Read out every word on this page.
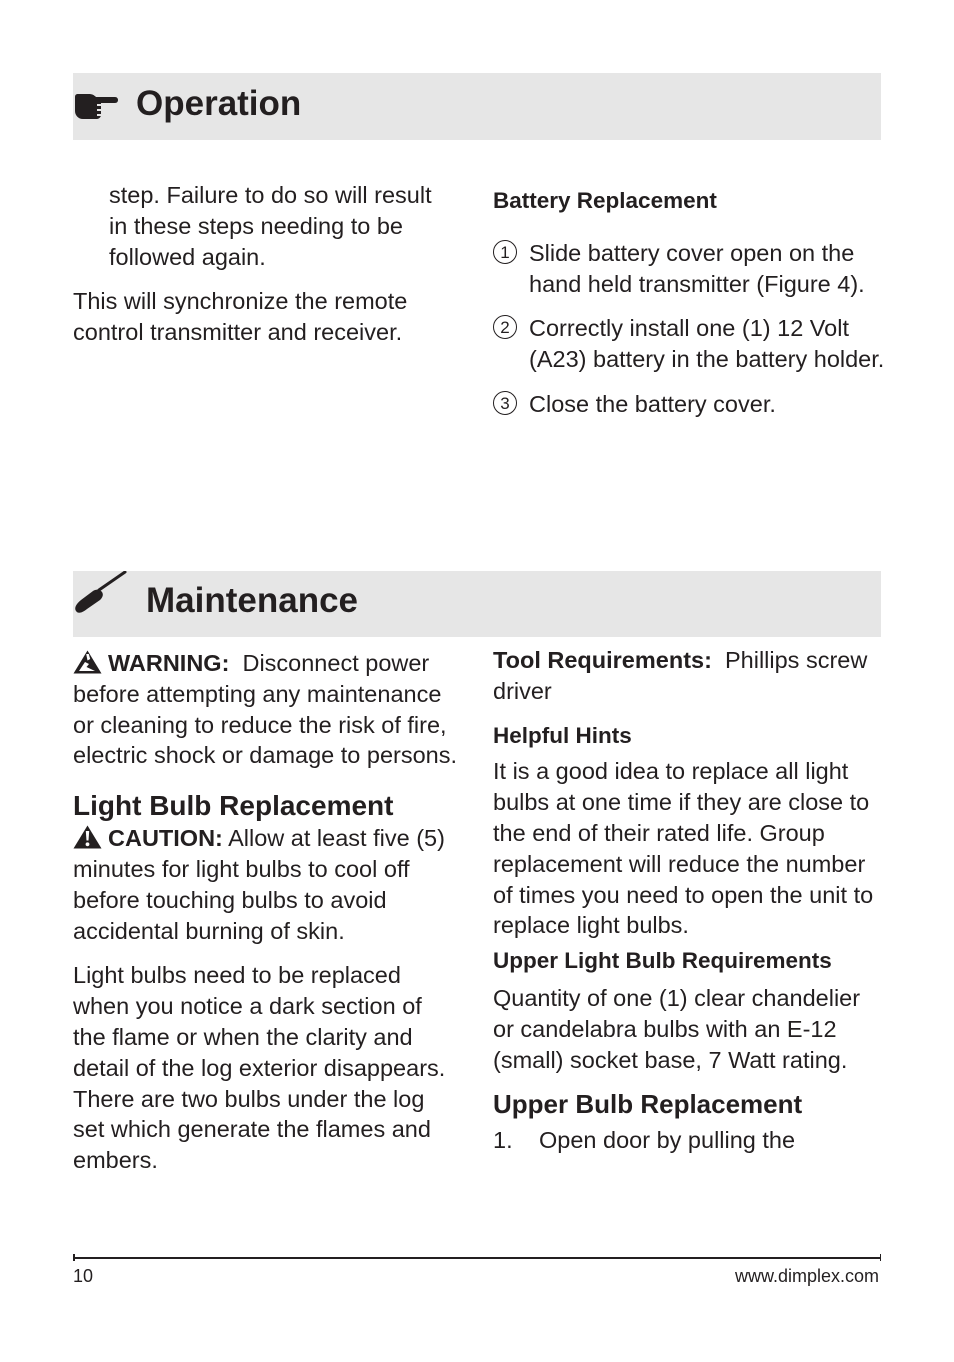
Operation

step. Failure to do so will result in these steps needing to be followed again.

This will synchronize the remote control transmitter and receiver.

Battery Replacement

1 Slide battery cover open on the hand held transmitter (Figure 4).
2 Correctly install one (1) 12 Volt (A23) battery in the battery holder.
3 Close the battery cover.
Maintenance

WARNING: Disconnect power before attempting any maintenance or cleaning to reduce the risk of fire, electric shock or damage to persons.

Light Bulb Replacement

CAUTION: Allow at least five (5) minutes for light bulbs to cool off before touching bulbs to avoid accidental burning of skin.

Light bulbs need to be replaced when you notice a dark section of the flame or when the clarity and detail of the log exterior disappears. There are two bulbs under the log set which generate the flames and embers.

Tool Requirements: Phillips screw driver

Helpful Hints

It is a good idea to replace all light bulbs at one time if they are close to the end of their rated life. Group replacement will reduce the number of times you need to open the unit to replace light bulbs.

Upper Light Bulb Requirements

Quantity of one (1) clear chandelier or candelabra bulbs with an E-12 (small) socket base, 7 Watt rating.

Upper Bulb Replacement

1. Open door by pulling the

10	www.dimplex.com
